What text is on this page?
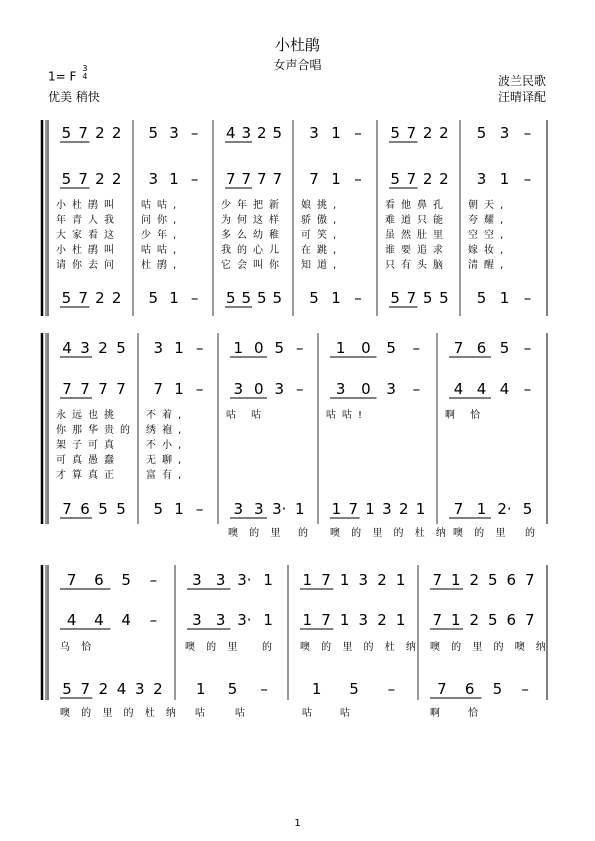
小杜鹃
女声合唱
1= F3
4
优美 稍快
波兰民歌
汪晴译配
5 7 2 2 5 3 – 4 3 2 5 3 1 – 5 7 2 2 5 3 –
5 7 2 2 3 1 – 7 7 7 7 7 1 – 5 7 2 2 3 1 –
5 7 2 2 5 1 – 5 5 5 5 5 1 – 5 7 5 5 5 1 –
小杜鹃叫 咕咕,	少年把新 娘挑,	看他鼻孔 朝天,
年青人我 问你,	为何这样 骄傲,	难道只能 夸耀,
大家看这 少年,	多么幼稚 可笑,	虽然肚里 空空,
小杜鹃叫 咕咕,	我的心儿 在跳,	谁要追求 嫁妆,
请你去问 杜鹃,	它会叫你 知道,	只有头脑 清醒,
4 3 2 5 3 1 – 1 0 5 – 1 0 5 – 7 6 5 –
7 7 7 7 7 1 – 3 0 3 – 3 0 3 – 4 4 4 –
7 6 5 5 5 1 – 3 3 3· 1 1 7 1 3 2 1 7 1 2· 5
永远也挑	不着,	咕 咕	咕咕!	啊 恰
你那华贵的 绣袍,
架子可真	不小,
可真愚蠢	无聊,
才算真正	富有,
噢 的 里 的 噢 的 里 的 杜 纳 噢 的 里 的
7 6 5 – 3 3 3· 1 1 7 1 3 2 1 7 1 2 5 6 7
4 4 4 – 3 3 3· 1 1 7 1 3 2 1 7 1 2 5 6 7
5 7 2 4 3 2 1 5 –	1 5 –	7 6 5 –
乌 恰	噢 的 里 的 噢 的 里 的 杜 纳 噢 的 里 的 噢 纳
噢 的 里 的 杜 纳 咕	咕	咕 咕	啊 恰
1
